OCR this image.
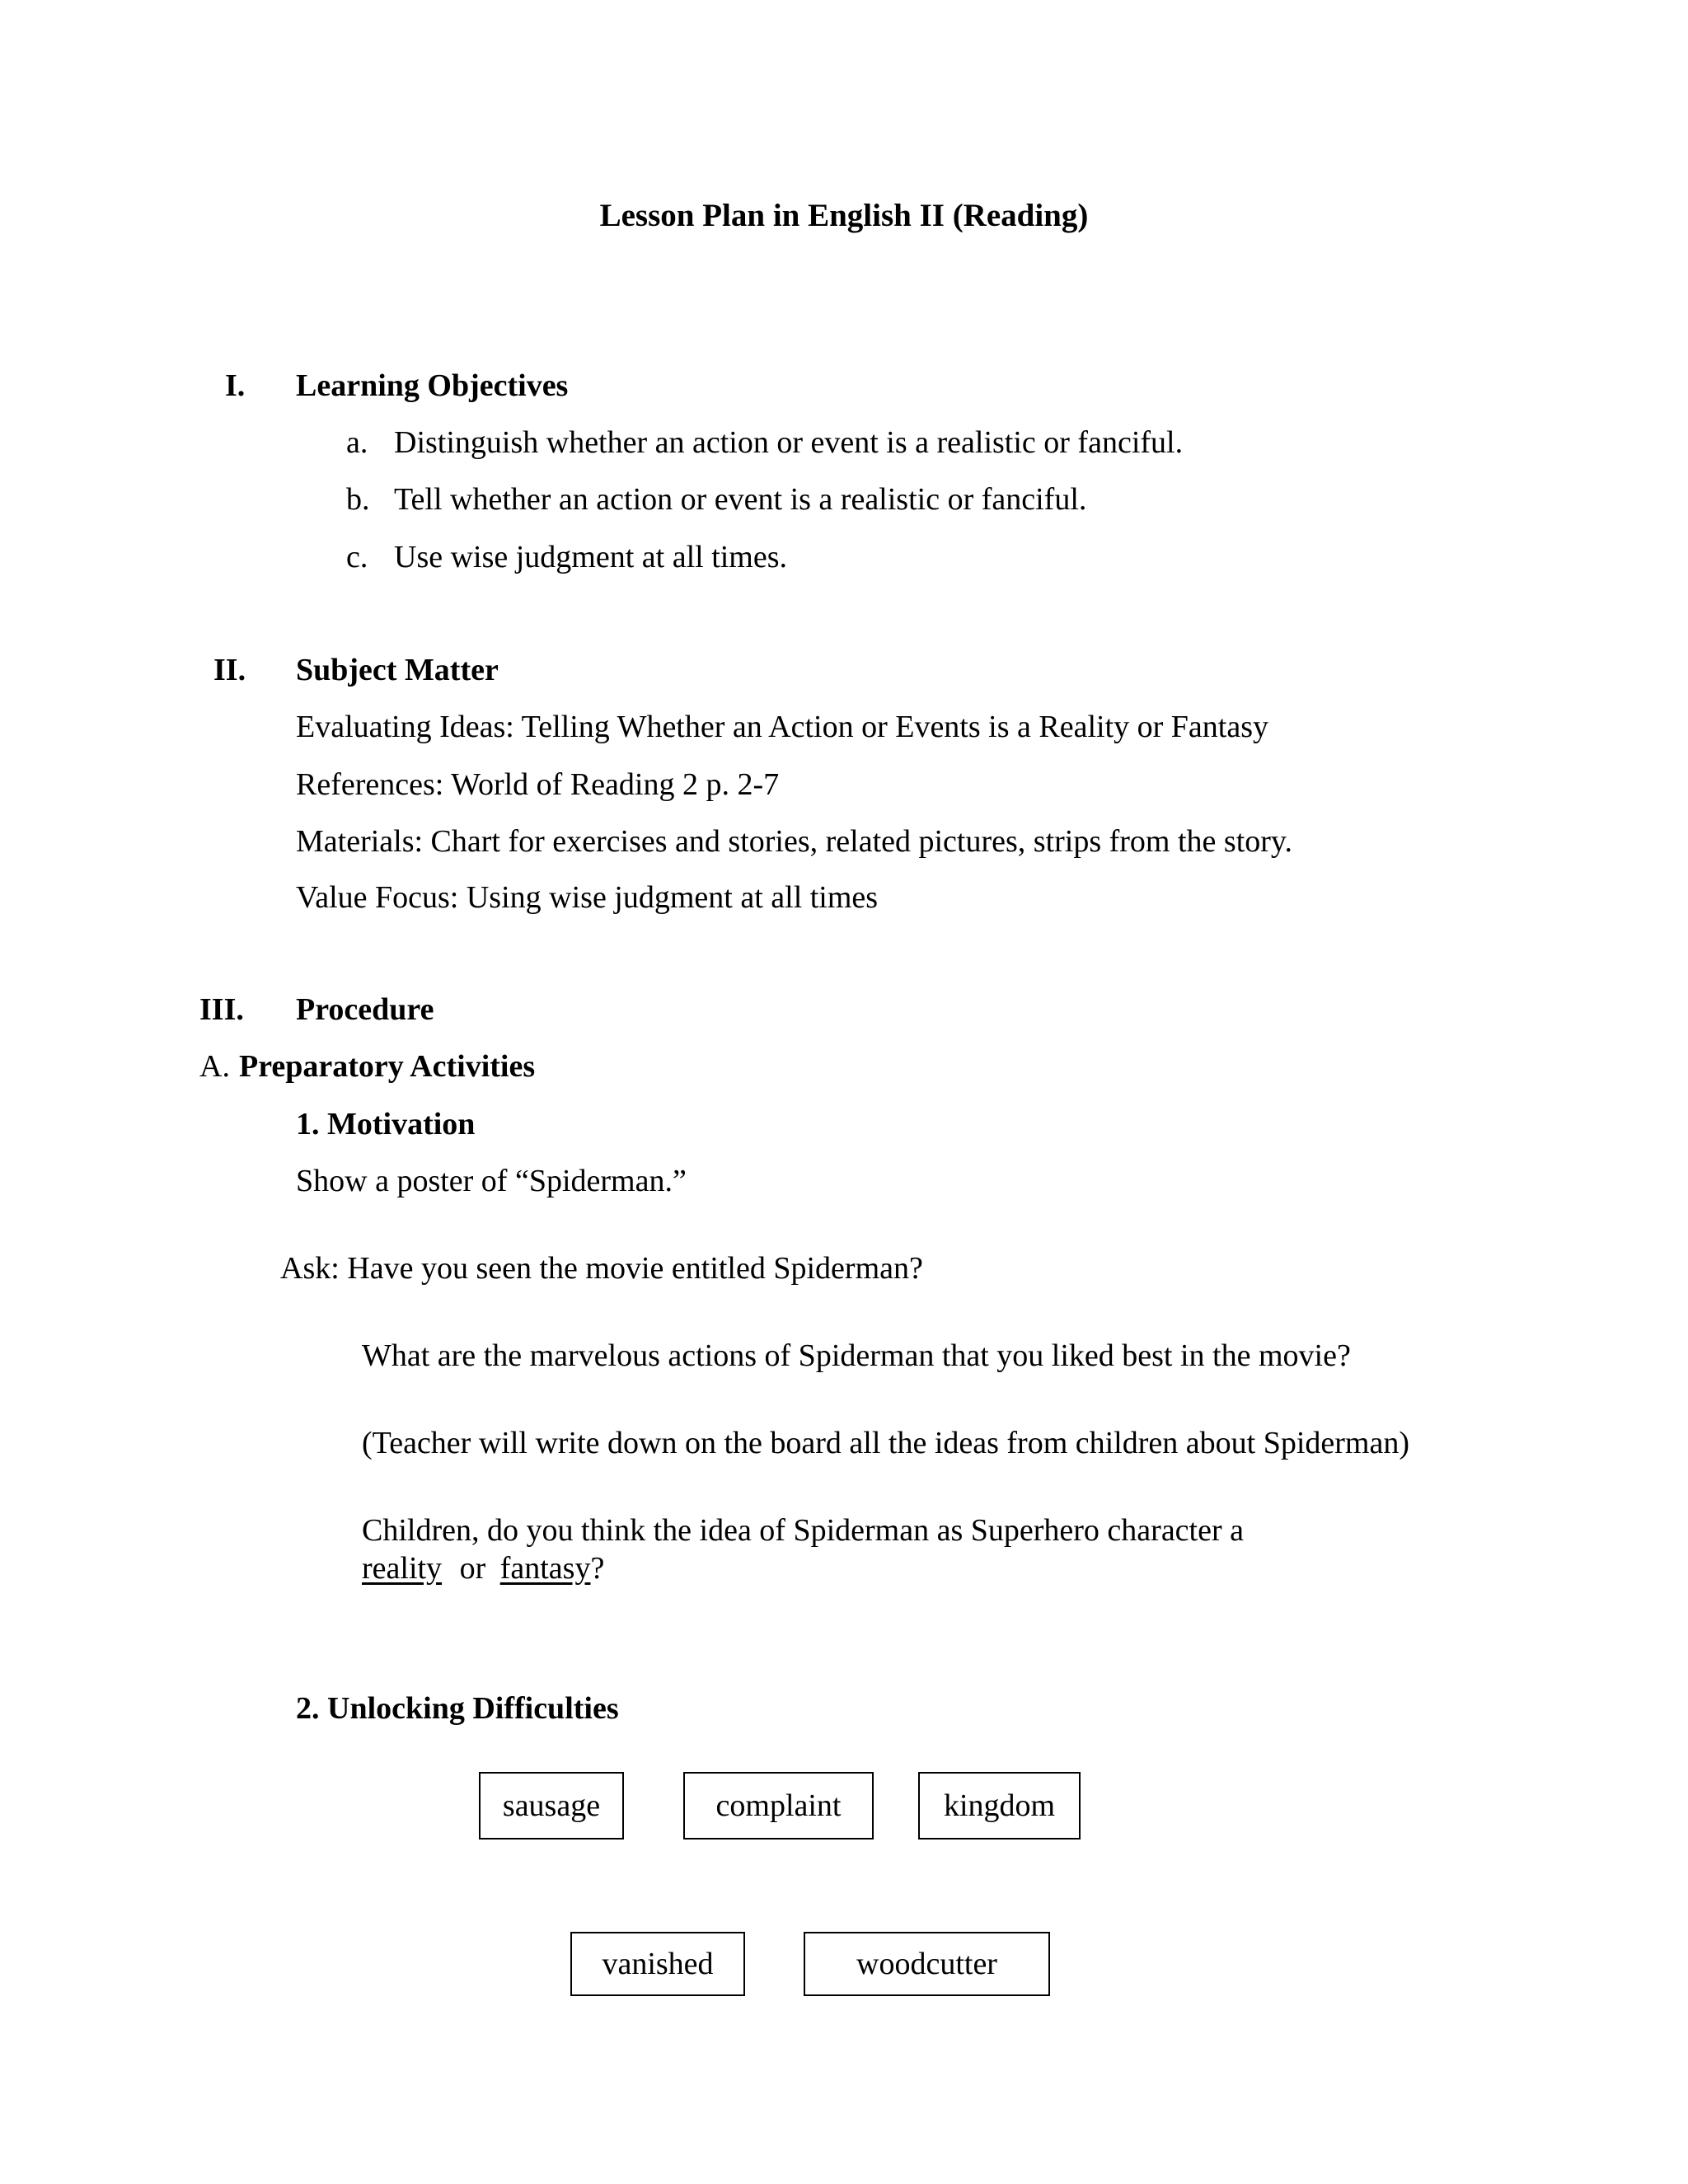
Lesson Plan in English II (Reading)
I. Learning Objectives
a. Distinguish whether an action or event is a realistic or fanciful.
b. Tell whether an action or event is a realistic or fanciful.
c. Use wise judgment at all times.
II. Subject Matter
Evaluating Ideas: Telling Whether an Action or Events is a Reality or Fantasy
References: World of Reading 2 p. 2-7
Materials: Chart for exercises and stories, related pictures, strips from the story.
Value Focus: Using wise judgment at all times
III. Procedure
A. Preparatory Activities
1. Motivation
Show a poster of “Spiderman.”
Ask: Have you seen the movie entitled Spiderman?
What are the marvelous actions of Spiderman that you liked best in the movie?
(Teacher will write down on the board all the ideas from children about Spiderman)
Children, do you think the idea of Spiderman as Superhero character a
reality or fantasy?
2. Unlocking Difficulties
sausage	complaint	kingdom
vanished	woodcutter
